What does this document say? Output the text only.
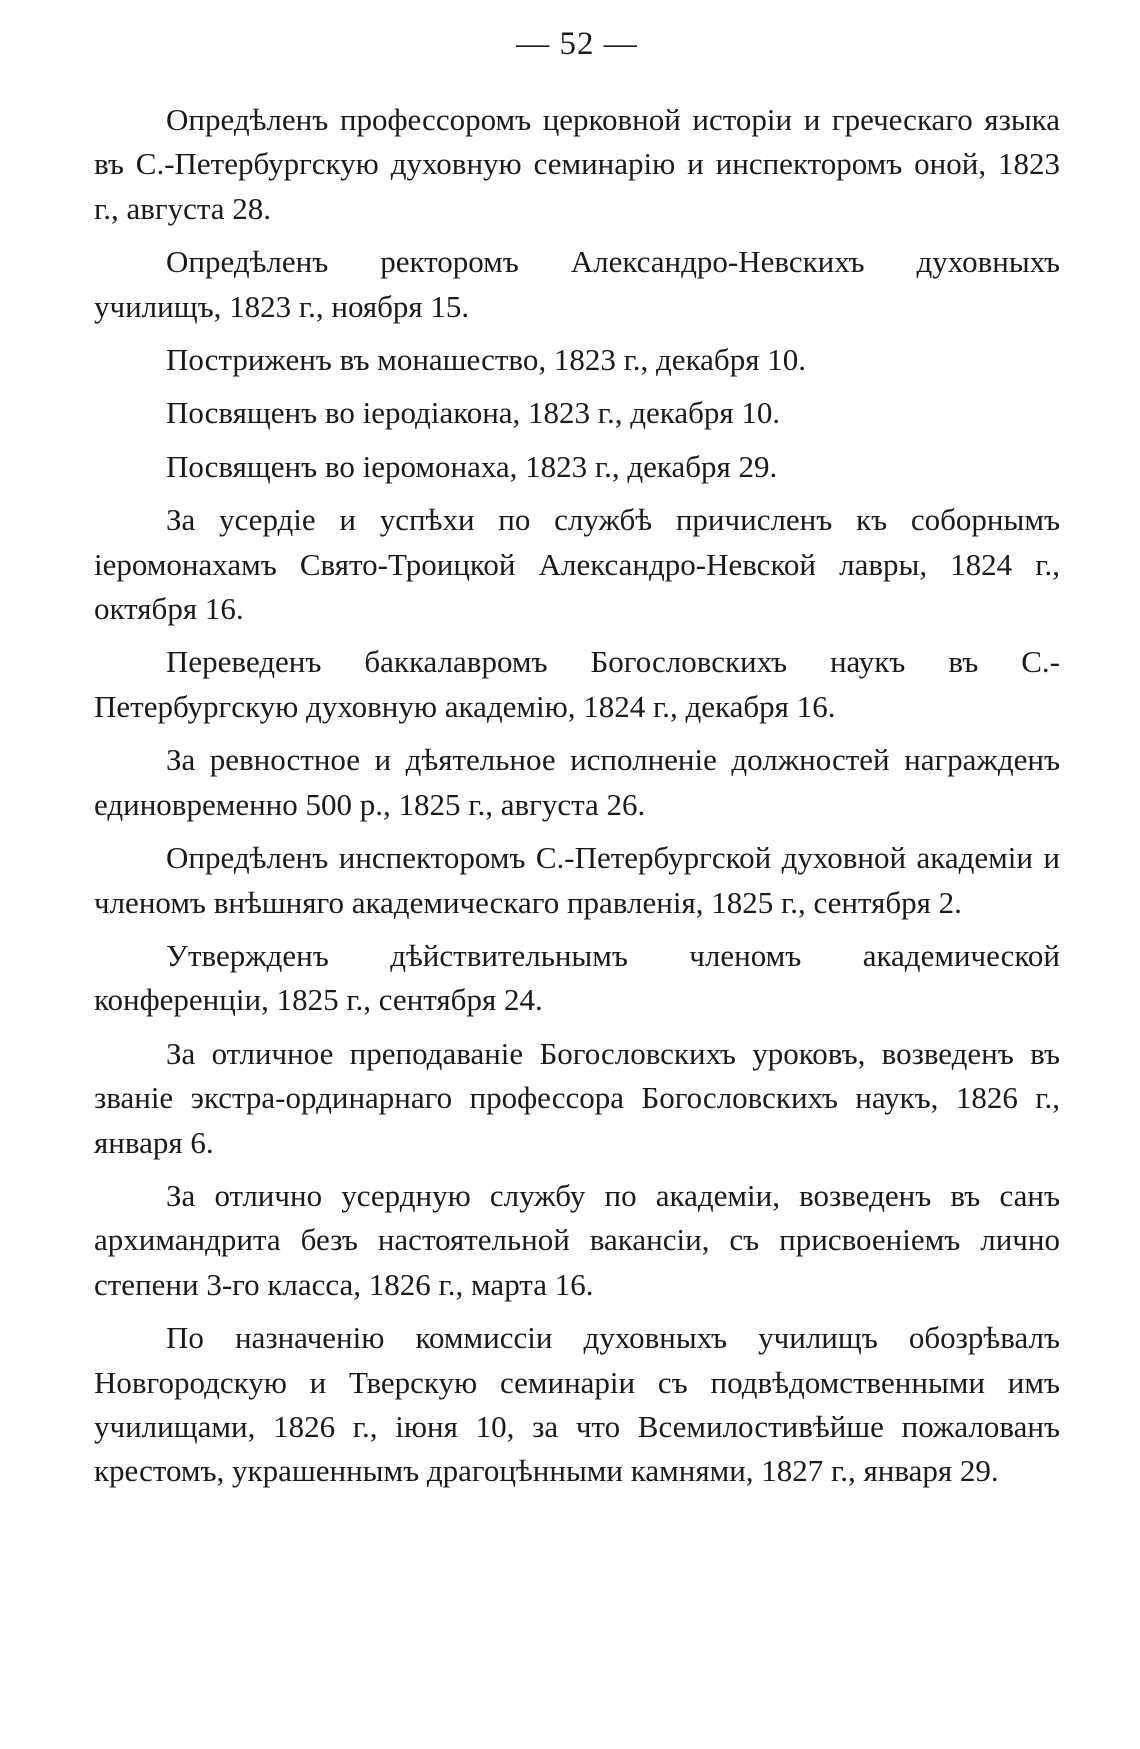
— 52 —

Опредѣленъ профессоромъ церковной исторіи и греческаго языка въ С.-Петербургскую духовную семинарію и инспекторомъ оной, 1823 г., августа 28.

Опредѣленъ ректоромъ Александро-Невскихъ духовныхъ училищъ, 1823 г., ноября 15.

Постриженъ въ монашество, 1823 г., декабря 10.

Посвященъ во іеродіакона, 1823 г., декабря 10.

Посвященъ во іеромонаха, 1823 г., декабря 29.

За усердіе и успѣхи по службѣ причисленъ къ соборнымъ іеромонахамъ Свято-Троицкой Александро-Невской лавры, 1824 г., октября 16.

Переведенъ баккалавромъ Богословскихъ наукъ въ С.-Петербургскую духовную академію, 1824 г., декабря 16.

За ревностное и дѣятельное исполненіе должностей награжденъ единовременно 500 р., 1825 г., августа 26.

Опредѣленъ инспекторомъ С.-Петербургской духовной академіи и членомъ внѣшняго академическаго правленія, 1825 г., сентября 2.

Утвержденъ дѣйствительнымъ членомъ академической конференціи, 1825 г., сентября 24.

За отличное преподаваніе Богословскихъ уроковъ, возведенъ въ званіе экстра-ординарнаго профессора Богословскихъ наукъ, 1826 г., января 6.

За отлично усердную службу по академіи, возведенъ въ санъ архимандрита безъ настоятельной вакансіи, съ присвоеніемъ лично степени 3-го класса, 1826 г., марта 16.

По назначенію коммиссіи духовныхъ училищъ обозрѣвалъ Новгородскую и Тверскую семинаріи съ подвѣдомственными имъ училищами, 1826 г., іюня 10, за что Всемилостивѣйше пожалованъ крестомъ, украшеннымъ драгоцѣнными камнями, 1827 г., января 29.
